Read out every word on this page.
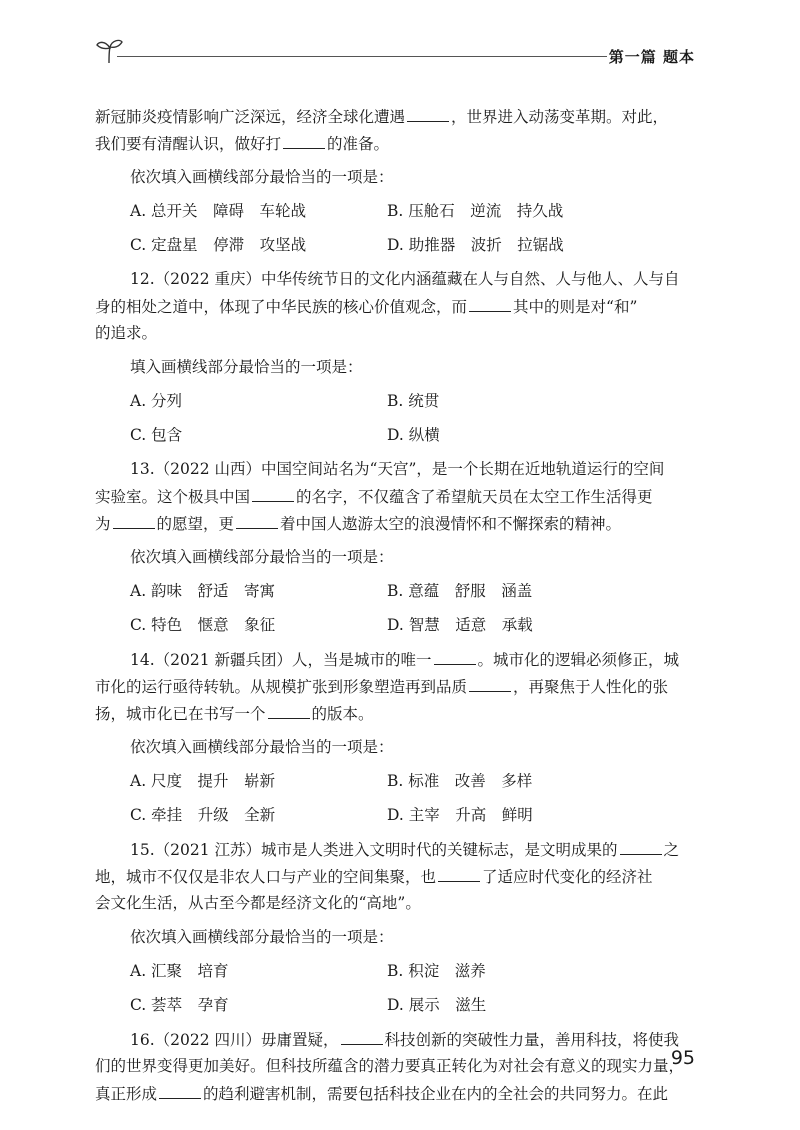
第一篇 题本
新冠肺炎疫情影响广泛深远，经济全球化遭遇	，世界进入动荡变革期。对此，
我们要有清醒认识，做好打	的准备。
依次填入画横线部分最恰当的一项是：
A. 总开关　障碍　车轮战	B. 压舱石　逆流　持久战
C. 定盘星　停滞　攻坚战	D. 助推器　波折　拉锯战
12.（2022 重庆）中华传统节日的文化内涵蕴藏在人与自然、人与他人、人与自
身的相处之道中，体现了中华民族的核心价值观念，而	其中的则是对“和”
的追求。
填入画横线部分最恰当的一项是：
A. 分列	B. 统贯
C. 包含	D. 纵横
13.（2022 山西）中国空间站名为“天宫”，是一个长期在近地轨道运行的空间
实验室。这个极具中国	的名字，不仅蕴含了希望航天员在太空工作生活得更
为	的愿望，更	着中国人遨游太空的浪漫情怀和不懈探索的精神。
依次填入画横线部分最恰当的一项是：
A. 韵味　舒适　寄寓	B. 意蕴　舒服　涵盖
C. 特色　惬意　象征	D. 智慧　适意　承载
14.（2021 新疆兵团）人，当是城市的唯一	。城市化的逻辑必须修正，城
市化的运行亟待转轨。从规模扩张到形象塑造再到品质	，再聚焦于人性化的张
扬，城市化已在书写一个	的版本。
依次填入画横线部分最恰当的一项是：
A. 尺度　提升　崭新	B. 标准　改善　多样
C. 牵挂　升级　全新	D. 主宰　升高　鲜明
15.（2021 江苏）城市是人类进入文明时代的关键标志，是文明成果的	之
地，城市不仅仅是非农人口与产业的空间集聚，也	了适应时代变化的经济社
会文化生活，从古至今都是经济文化的“高地”。
依次填入画横线部分最恰当的一项是：
A. 汇聚　培育	B. 积淀　滋养
C. 荟萃　孕育	D. 展示　滋生
16.（2022 四川）毋庸置疑，	科技创新的突破性力量，善用科技，将使我
们的世界变得更加美好。但科技所蕴含的潜力要真正转化为对社会有意义的现实力量，
真正形成	的趋利避害机制，需要包括科技企业在内的全社会的共同努力。在此
95
